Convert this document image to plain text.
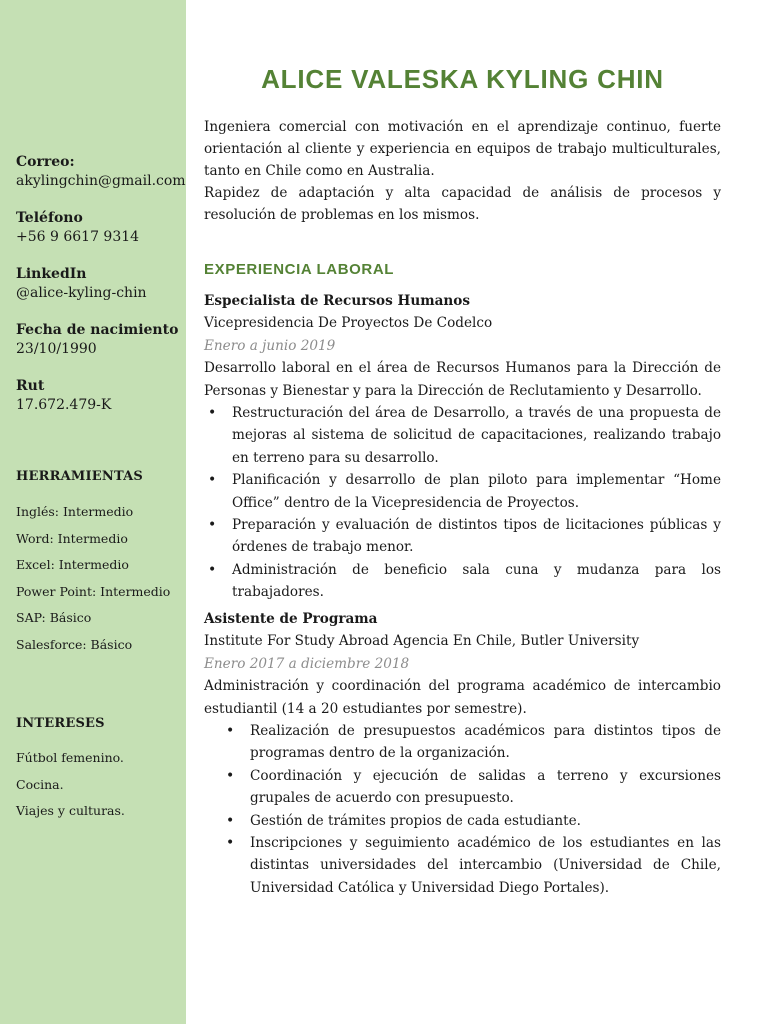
Correo:
akylingchin@gmail.com
Teléfono
+56 9 6617 9314
LinkedIn
@alice-kyling-chin
Fecha de nacimiento
23/10/1990
Rut
17.672.479-K
HERRAMIENTAS
Inglés: Intermedio
Word: Intermedio
Excel: Intermedio
Power Point: Intermedio
SAP: Básico
Salesforce: Básico
INTERESES
Fútbol femenino.
Cocina.
Viajes y culturas.
ALICE VALESKA KYLING CHIN

Ingeniera comercial con motivación en el aprendizaje continuo, fuerte orientación al cliente y experiencia en equipos de trabajo multiculturales, tanto en Chile como en Australia.

Rapidez de adaptación y alta capacidad de análisis de procesos y resolución de problemas en los mismos.

EXPERIENCIA LABORAL
Especialista de Recursos Humanos
Vicepresidencia De Proyectos De Codelco
Enero a junio 2019
Desarrollo laboral en el área de Recursos Humanos para la Dirección de Personas y Bienestar y para la Dirección de Reclutamiento y Desarrollo.
• Restructuración del área de Desarrollo, a través de una propuesta de mejoras al sistema de solicitud de capacitaciones, realizando trabajo en terreno para su desarrollo.
• Planificación y desarrollo de plan piloto para implementar “Home Office” dentro de la Vicepresidencia de Proyectos.
• Preparación y evaluación de distintos tipos de licitaciones públicas y órdenes de trabajo menor.
• Administración de beneficio sala cuna y mudanza para los trabajadores.
Asistente de Programa
Institute For Study Abroad Agencia En Chile, Butler University
Enero 2017 a diciembre 2018
Administración y coordinación del programa académico de intercambio estudiantil (14 a 20 estudiantes por semestre).
• Realización de presupuestos académicos para distintos tipos de programas dentro de la organización.
• Coordinación y ejecución de salidas a terreno y excursiones grupales de acuerdo con presupuesto.
• Gestión de trámites propios de cada estudiante.
• Inscripciones y seguimiento académico de los estudiantes en las distintas universidades del intercambio (Universidad de Chile, Universidad Católica y Universidad Diego Portales).
